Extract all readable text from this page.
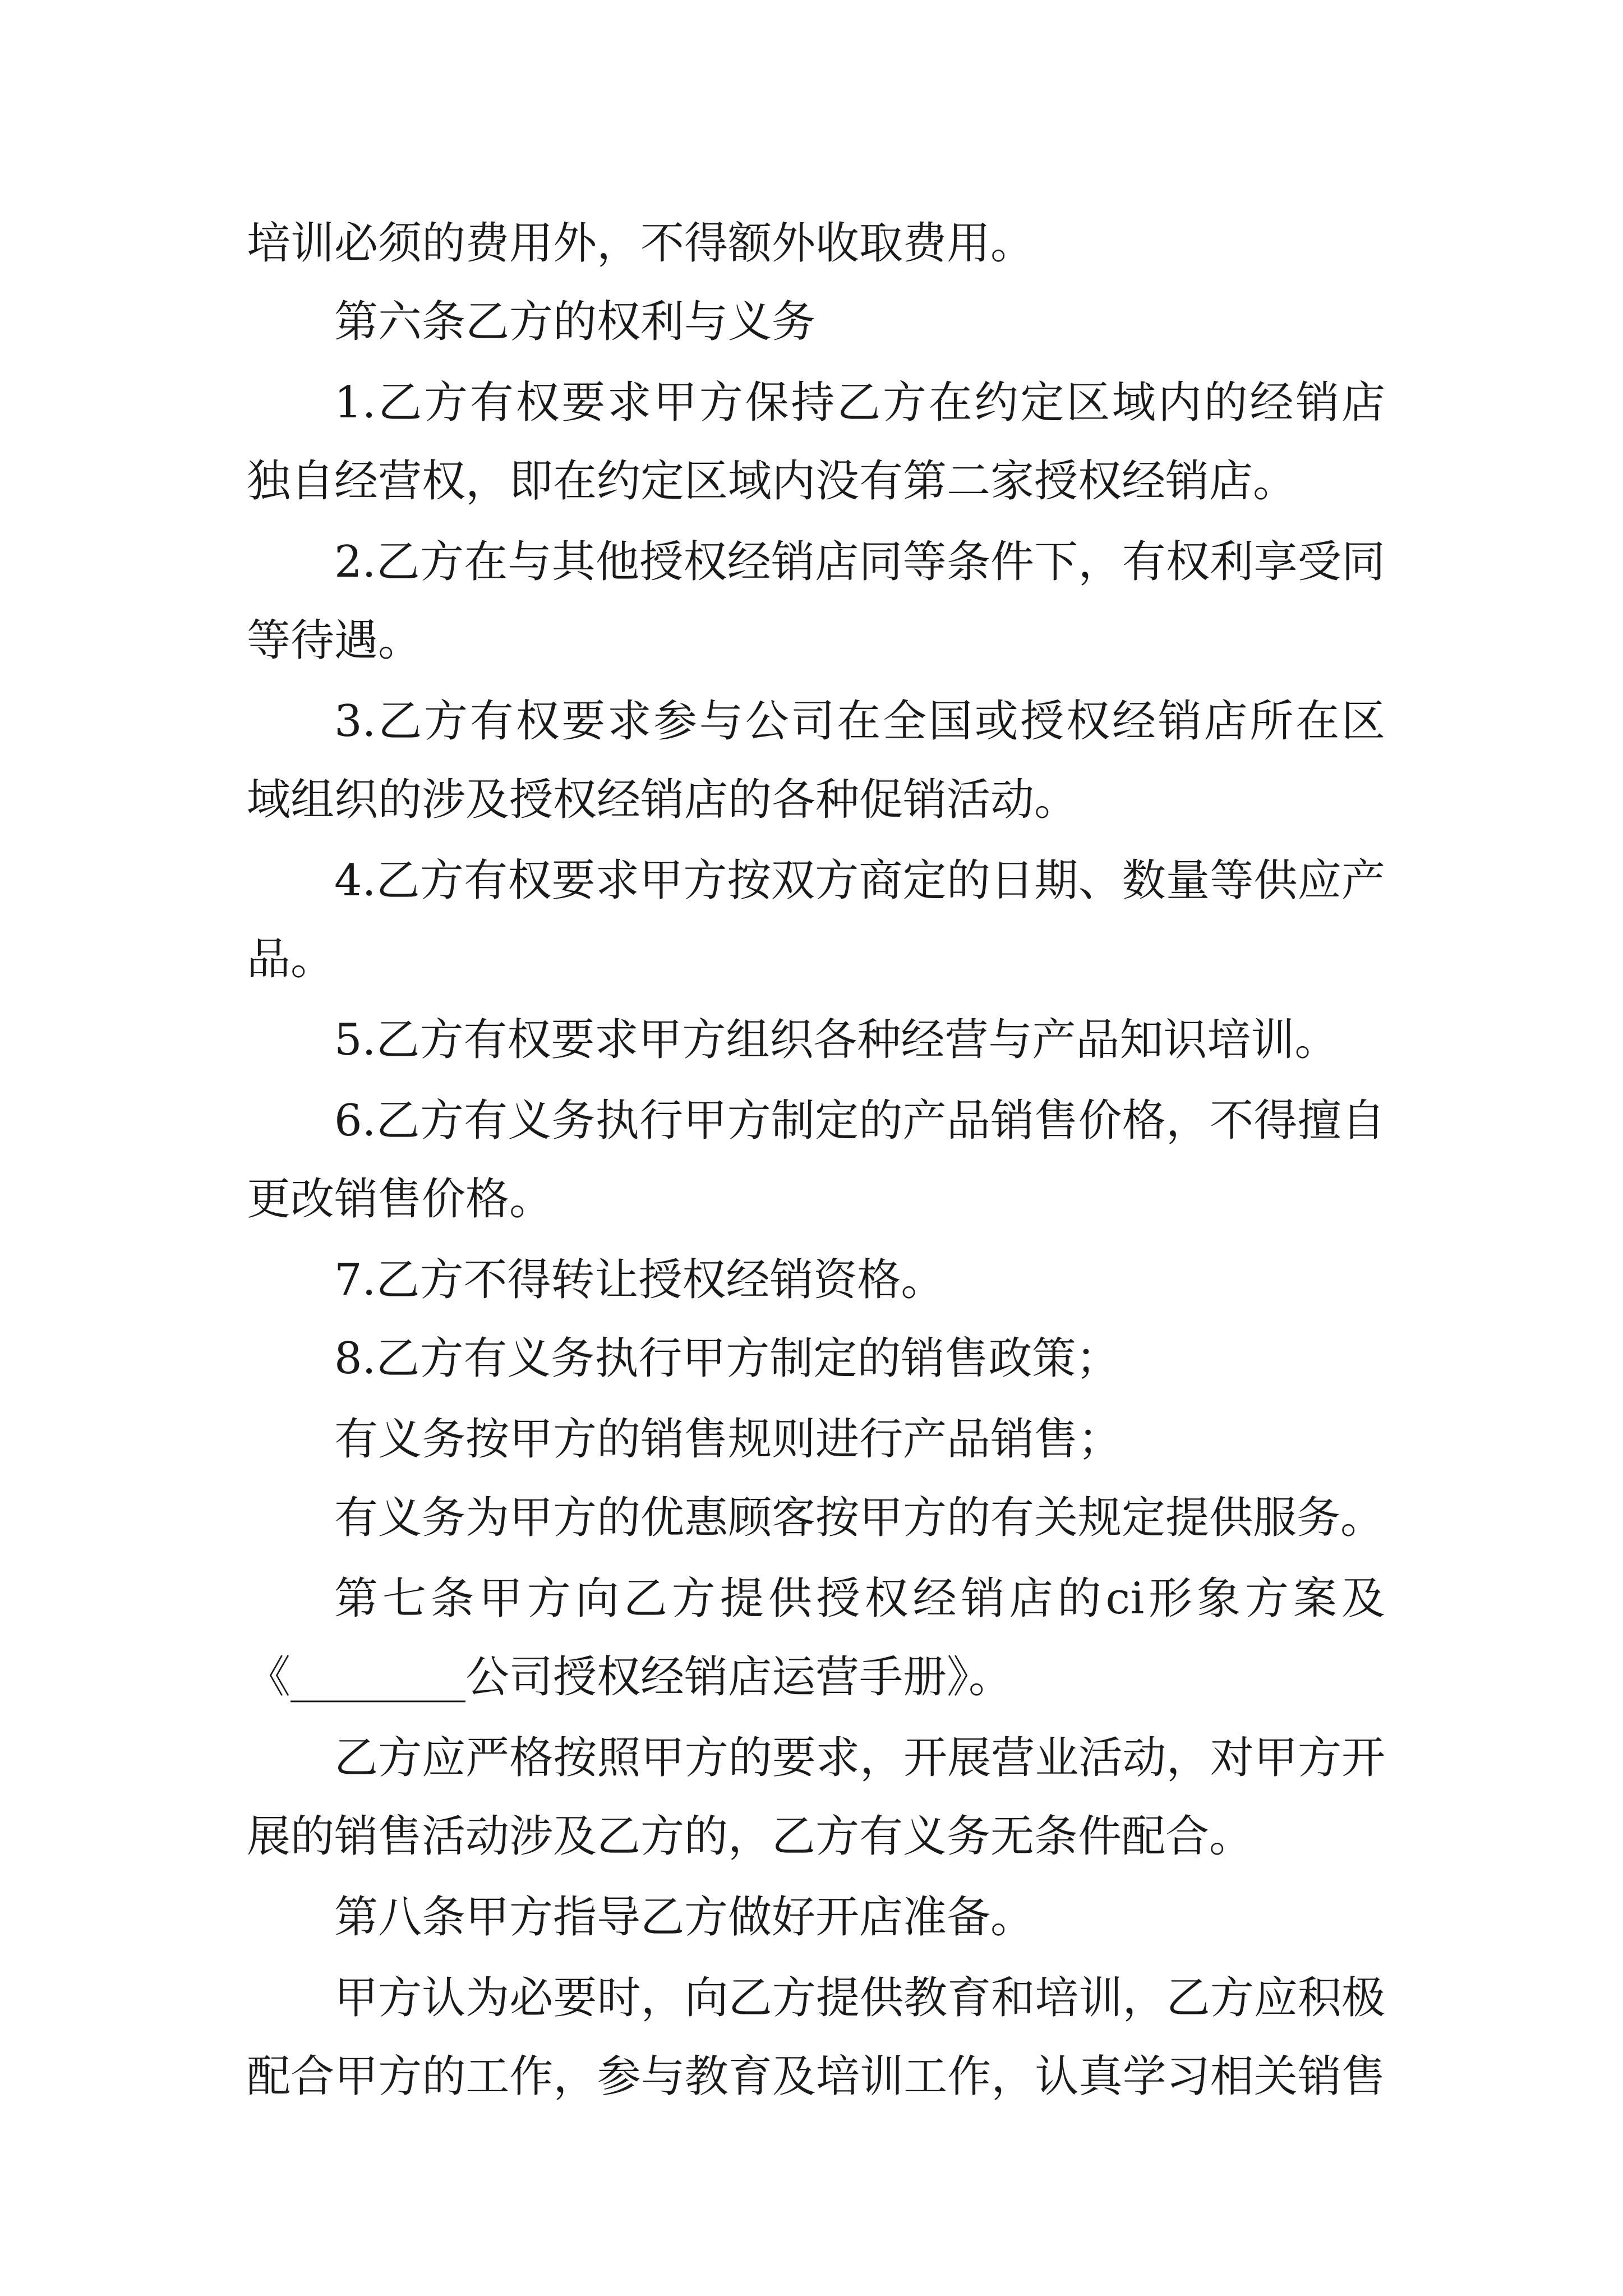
培训必须的费用外，不得额外收取费用。
第六条乙方的权利与义务
1.乙方有权要求甲方保持乙方在约定区域内的经销店
独自经营权，即在约定区域内没有第二家授权经销店。
2.乙方在与其他授权经销店同等条件下，有权利享受同
等待遇。
3.乙方有权要求参与公司在全国或授权经销店所在区
域组织的涉及授权经销店的各种促销活动。
4.乙方有权要求甲方按双方商定的日期、数量等供应产
品。
5.乙方有权要求甲方组织各种经营与产品知识培训。
6.乙方有义务执行甲方制定的产品销售价格，不得擅自
更改销售价格。
7.乙方不得转让授权经销资格。
8.乙方有义务执行甲方制定的销售政策；
有义务按甲方的销售规则进行产品销售；
有义务为甲方的优惠顾客按甲方的有关规定提供服务。
第七条甲方向乙方提供授权经销店的ci形象方案及
《________公司授权经销店运营手册》。
乙方应严格按照甲方的要求，开展营业活动，对甲方开
展的销售活动涉及乙方的，乙方有义务无条件配合。
第八条甲方指导乙方做好开店准备。
甲方认为必要时，向乙方提供教育和培训，乙方应积极
配合甲方的工作，参与教育及培训工作，认真学习相关销售
